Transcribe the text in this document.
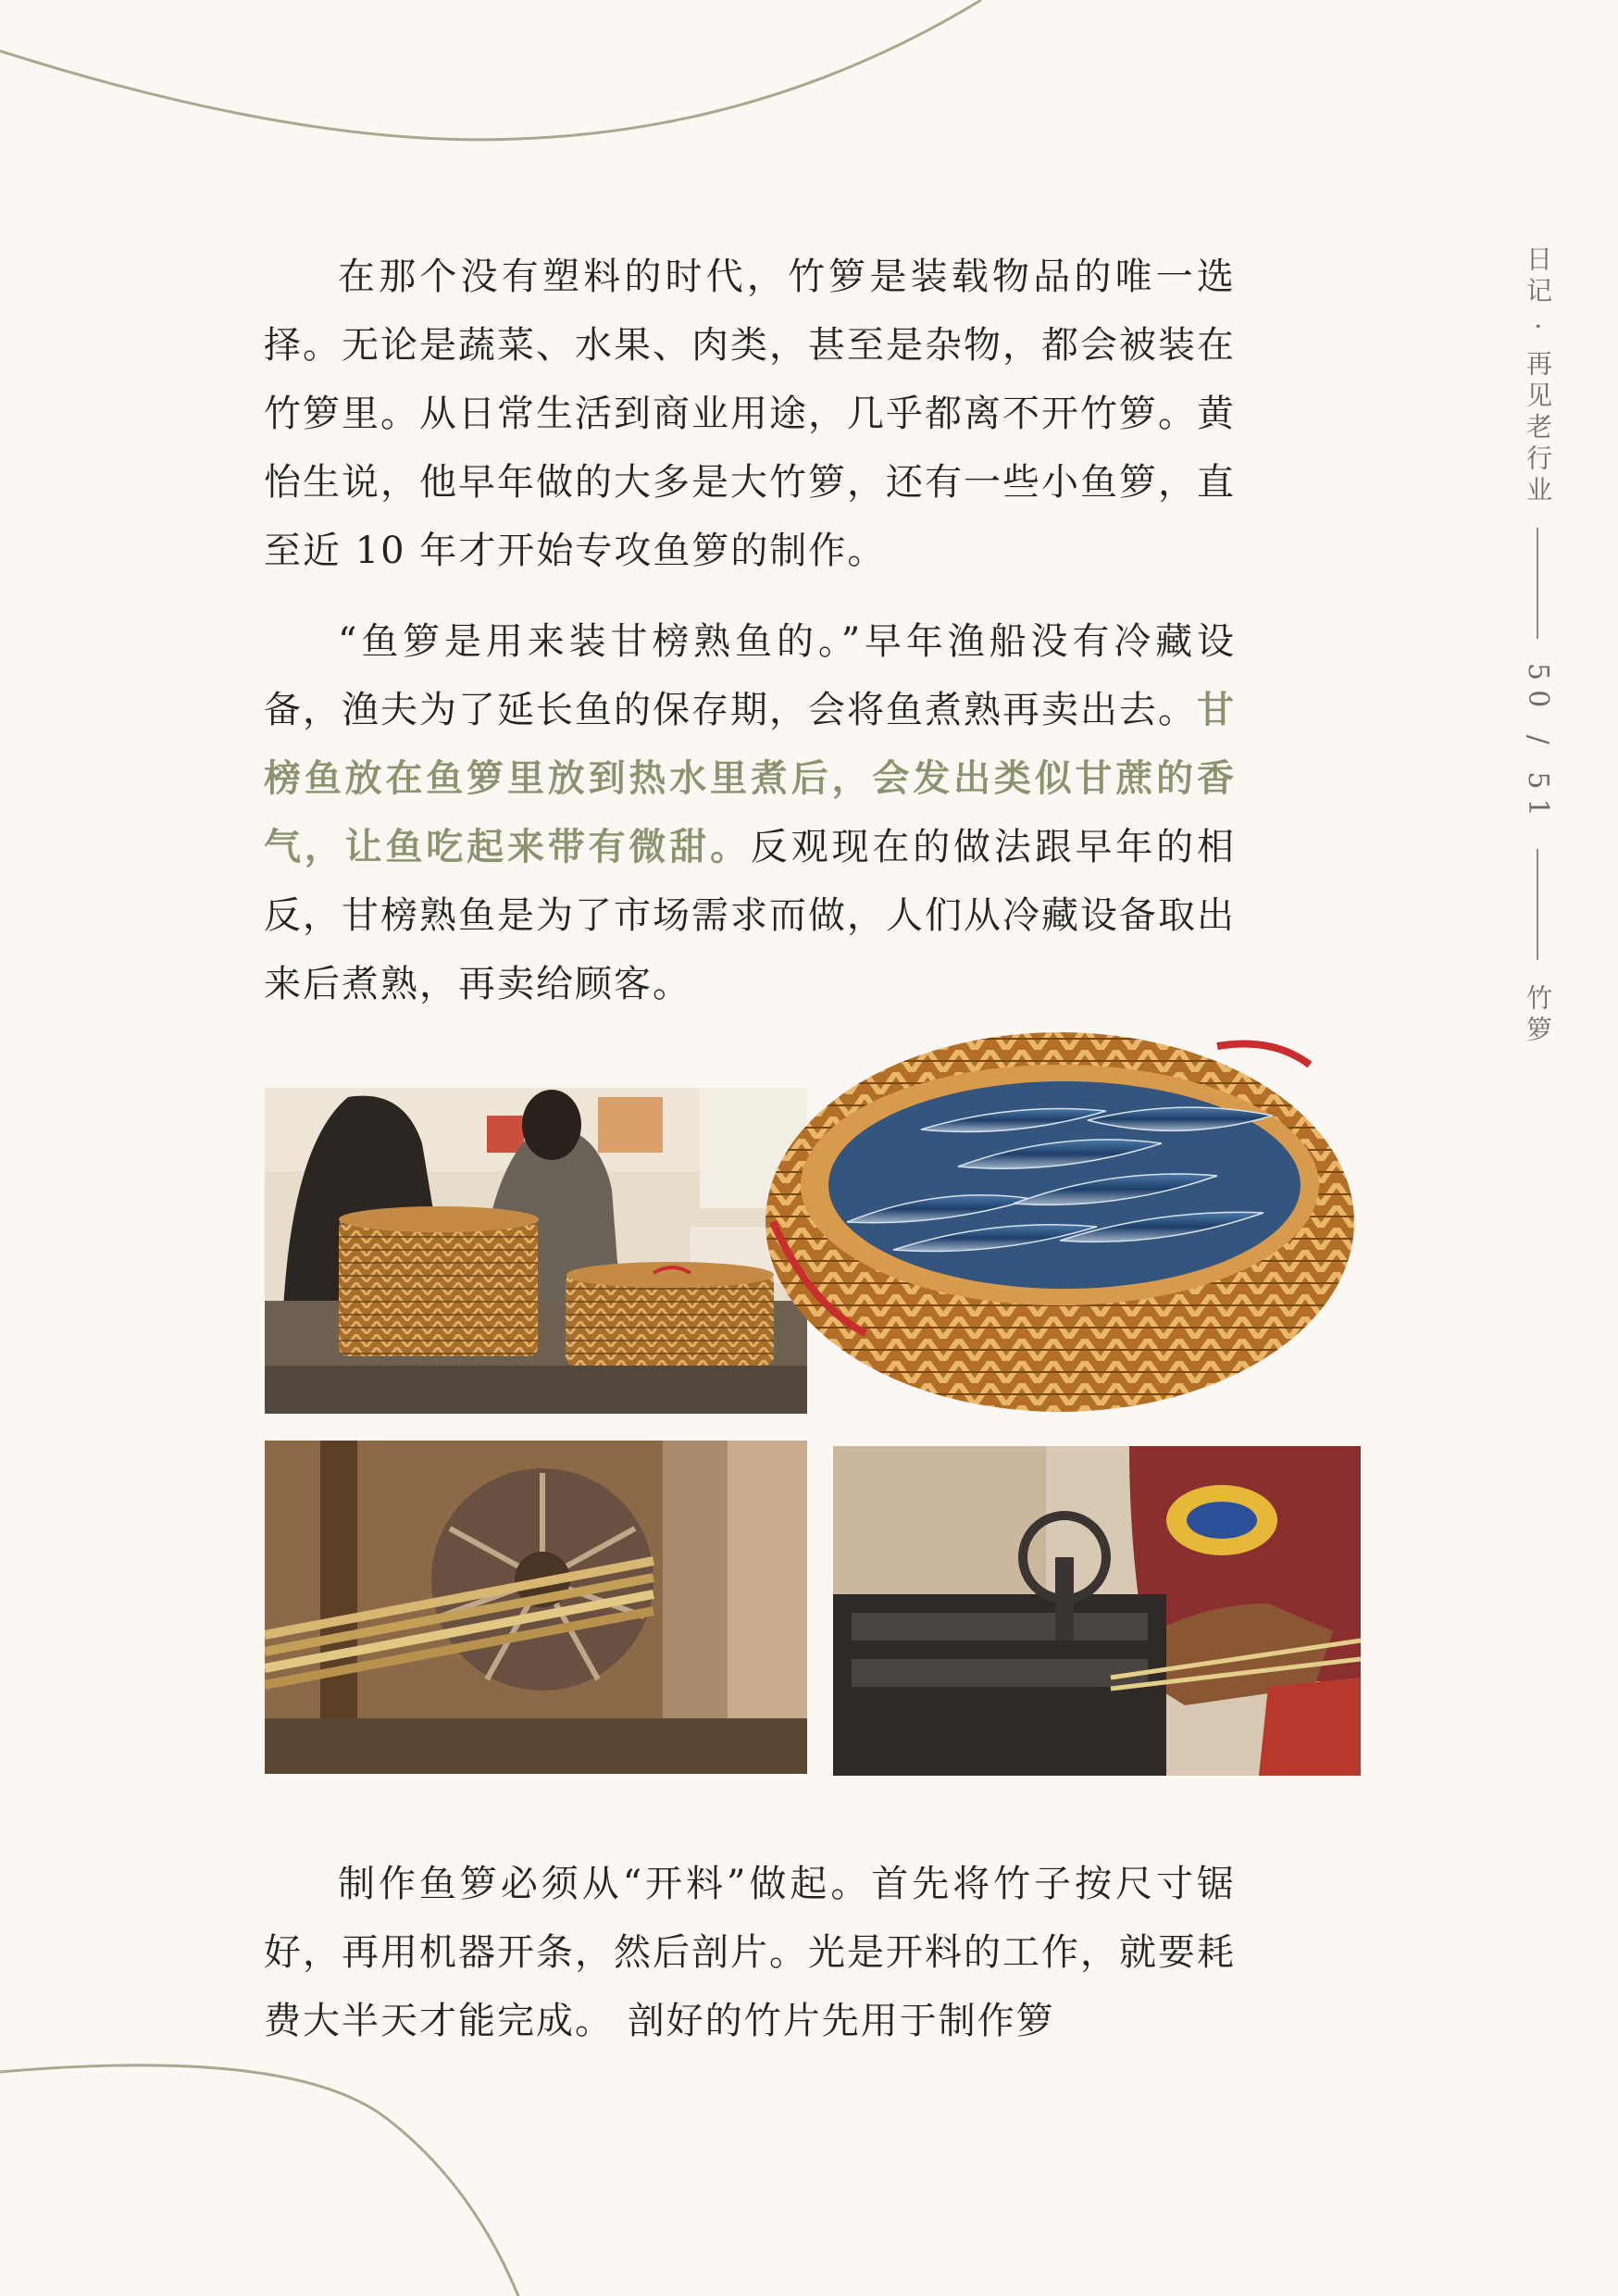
日记 · 再见老行业
50 / 51
竹箩

在那个没有塑料的时代，竹箩是装载物品的唯一选择。无论是蔬菜、水果、肉类，甚至是杂物，都会被装在竹箩里。从日常生活到商业用途，几乎都离不开竹箩。黄怡生说，他早年做的大多是大竹箩，还有一些小鱼箩，直至近 10 年才开始专攻鱼箩的制作。

“鱼箩是用来装甘榜熟鱼的。”早年渔船没有冷藏设备，渔夫为了延长鱼的保存期，会将鱼煮熟再卖出去。甘榜鱼放在鱼箩里放到热水里煮后，会发出类似甘蔗的香气，让鱼吃起来带有微甜。反观现在的做法跟早年的相反，甘榜熟鱼是为了市场需求而做，人们从冷藏设备取出来后煮熟，再卖给顾客。

制作鱼箩必须从“开料”做起。首先将竹子按尺寸锯好，再用机器开条，然后剖片。光是开料的工作，就要耗费大半天才能完成。 剖好的竹片先用于制作箩
